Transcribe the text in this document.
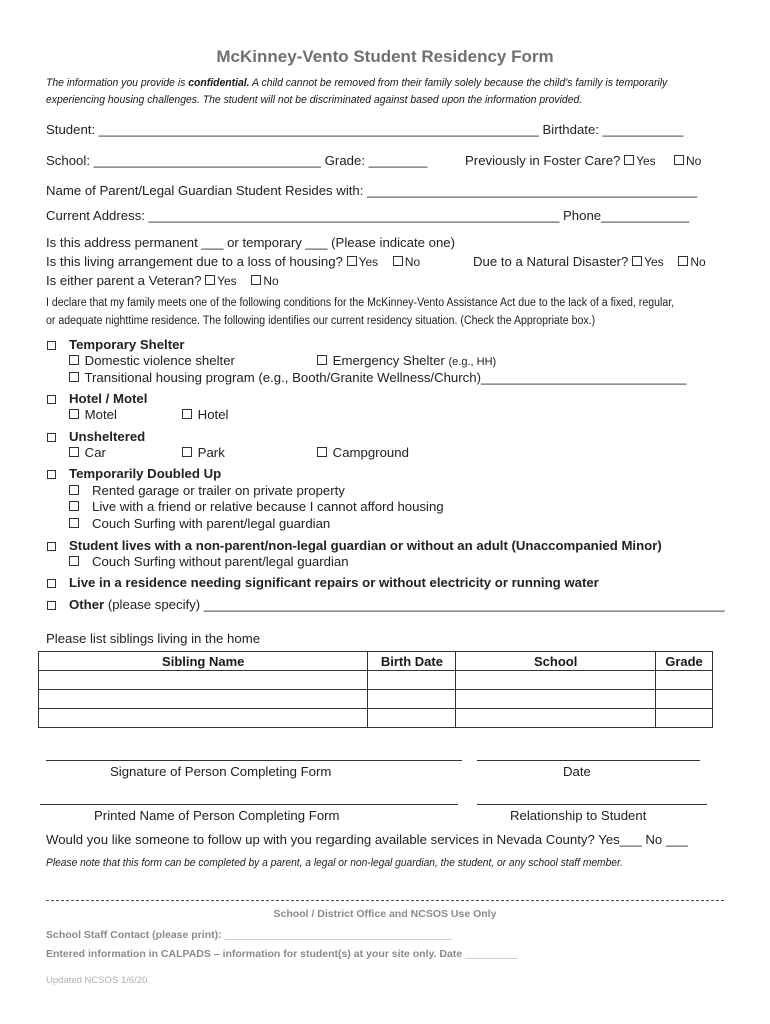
McKinney-Vento Student Residency Form
The information you provide is confidential. A child cannot be removed from their family solely because the child’s family is temporarily
experiencing housing challenges. The student will not be discriminated against based upon the information provided.
Student: ____________________________________________________________ Birthdate: ___________
School: _______________________________ Grade: ________	Previously in Foster Care? Yes	No
Name of Parent/Legal Guardian Student Resides with: _____________________________________________
Current Address: ________________________________________________________ Phone____________
Is this address permanent ___ or temporary ___ (Please indicate one)
Is this living arrangement due to a loss of housing? Yes No	Due to a Natural Disaster? Yes No
Is either parent a Veteran? Yes No
I declare that my family meets one of the following conditions for the McKinney-Vento Assistance Act due to the lack of a fixed, regular,
or adequate nighttime residence. The following identifies our current residency situation. (Check the Appropriate box.)
Temporary Shelter
Domestic violence shelter	Emergency Shelter (e.g., HH)
Transitional housing program (e.g., Booth/Granite Wellness/Church)____________________________
Hotel / Motel
Motel	Hotel
Unsheltered
Car	Park	Campground
Temporarily Doubled Up
Rented garage or trailer on private property
Live with a friend or relative because I cannot afford housing
Couch Surfing with parent/legal guardian
Student lives with a non-parent/non-legal guardian or without an adult (Unaccompanied Minor)
Couch Surfing without parent/legal guardian
Live in a residence needing significant repairs or without electricity or running water
Other (please specify) _______________________________________________________________________
Please list siblings living in the home
Sibling Name	Birth Date	School	Grade

Signature of Person Completing Form	Date
Printed Name of Person Completing Form	Relationship to Student
Would you like someone to follow up with you regarding available services in Nevada County? Yes___ No ___
Please note that this form can be completed by a parent, a legal or non-legal guardian, the student, or any school staff member.
School / District Office and NCSOS Use Only
School Staff Contact (please print): _______________________________________
Entered information in CALPADS – information for student(s) at your site only. Date _________
Updated NCSOS 1/6/20
